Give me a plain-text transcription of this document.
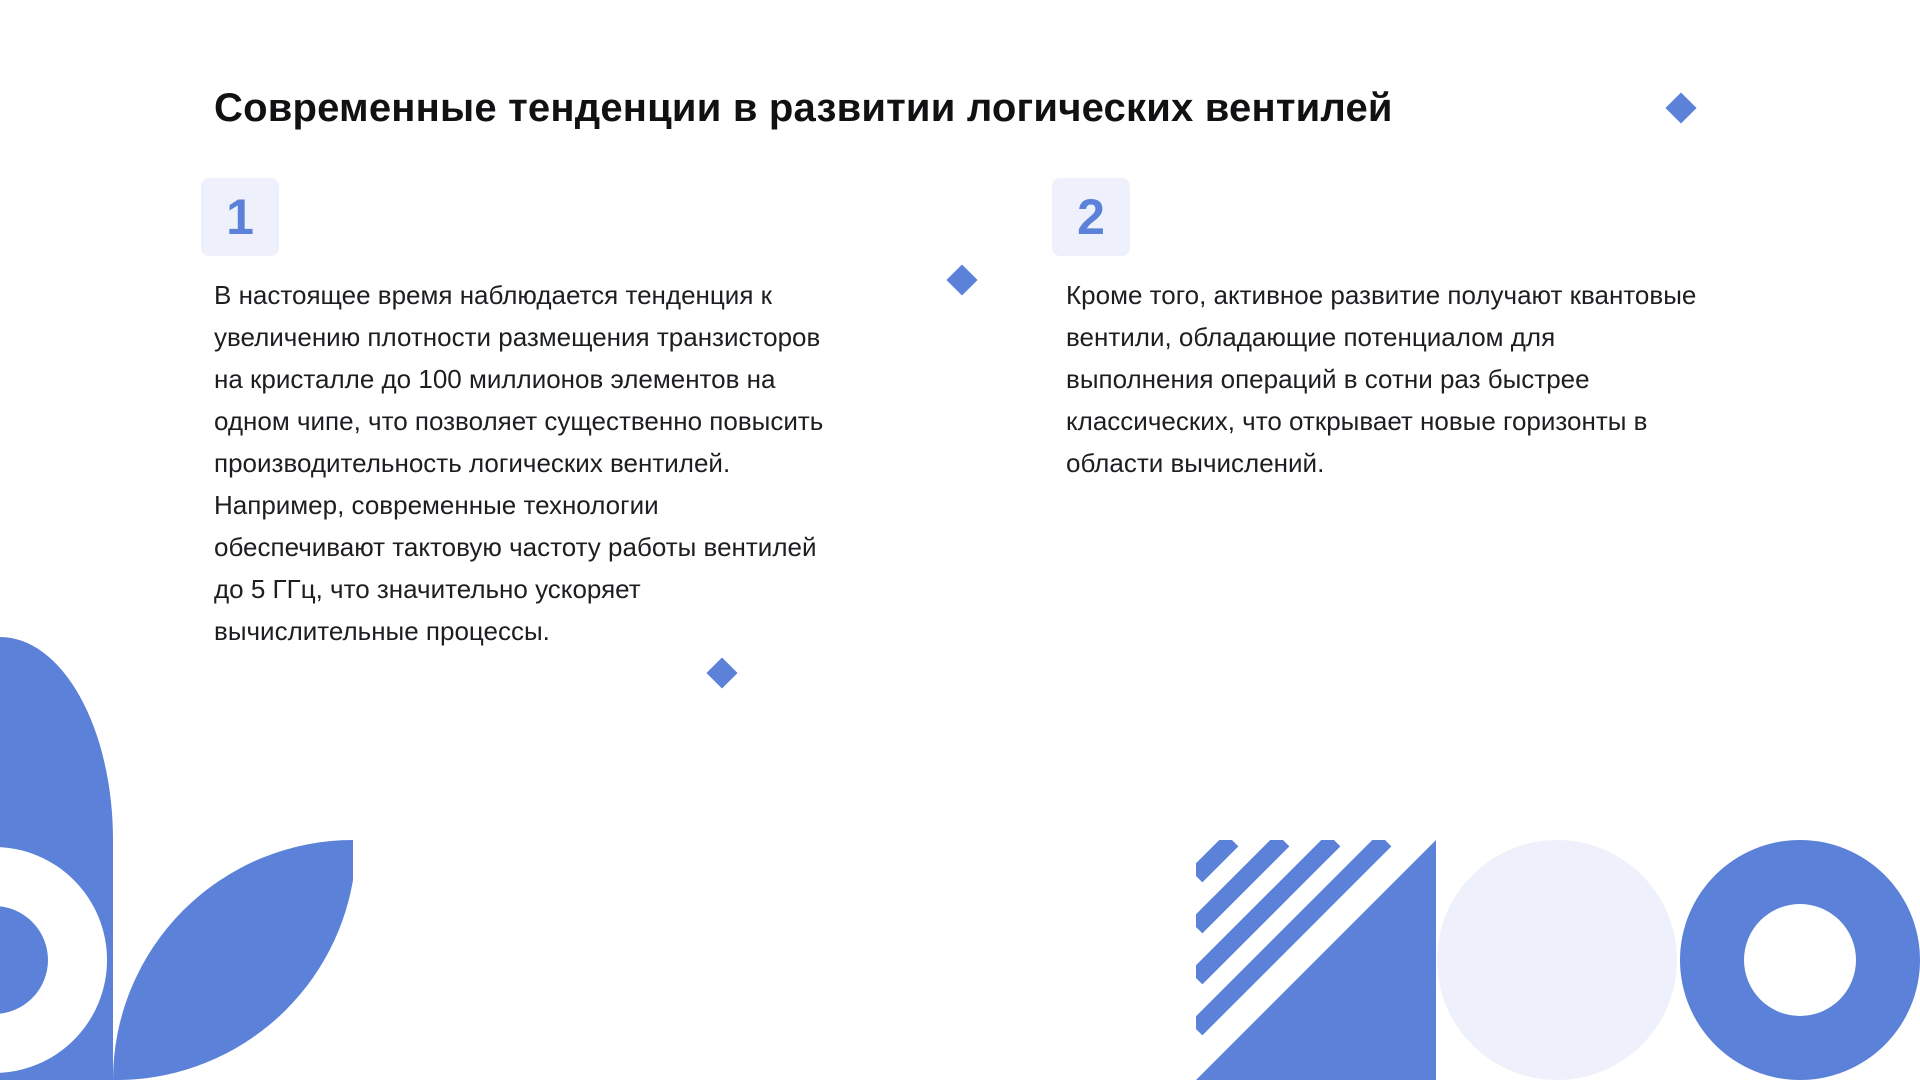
Современные тенденции в развитии логических вентилей
1

В настоящее время наблюдается тенденция к увеличению плотности размещения транзисторов на кристалле до 100 миллионов элементов на одном чипе, что позволяет существенно повысить производительность логических вентилей. Например, современные технологии обеспечивают тактовую частоту работы вентилей до 5 ГГц, что значительно ускоряет вычислительные процессы.

2

Кроме того, активное развитие получают квантовые вентили, обладающие потенциалом для выполнения операций в сотни раз быстрее классических, что открывает новые горизонты в области вычислений.
